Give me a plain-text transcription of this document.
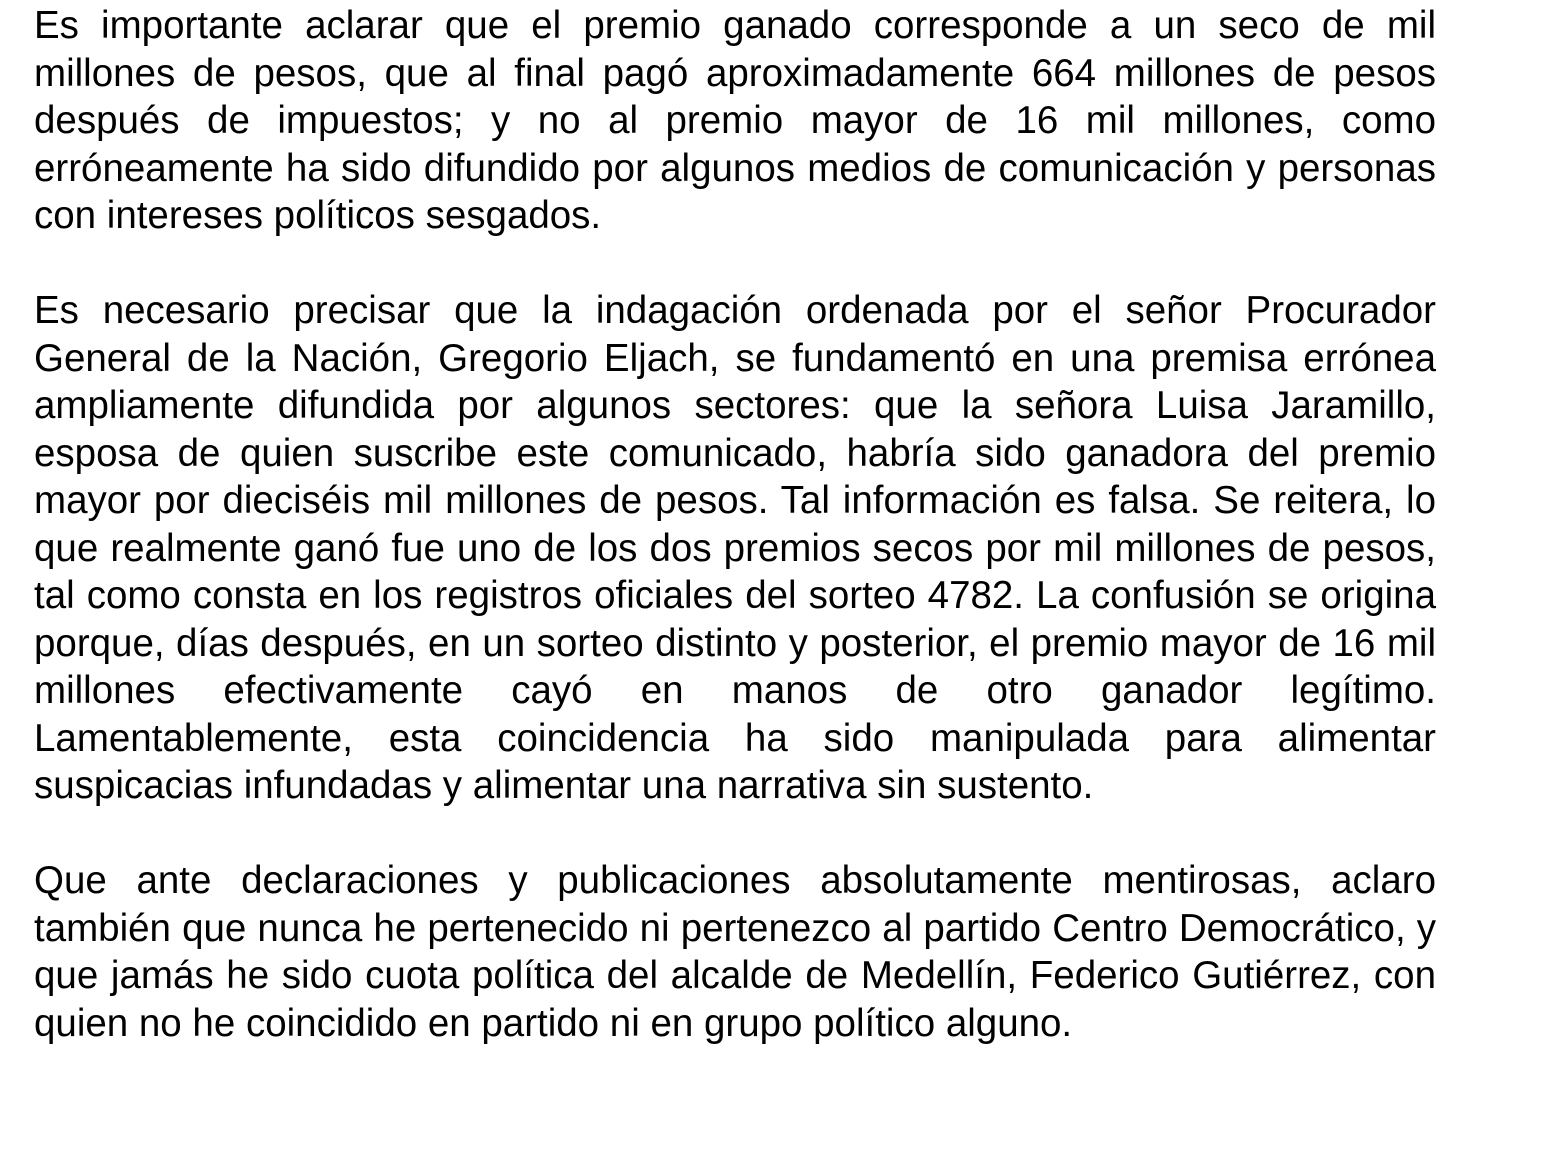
Es importante aclarar que el premio ganado corresponde a un seco de mil millones de pesos, que al final pagó aproximadamente 664 millones de pesos después de impuestos; y no al premio mayor de 16 mil millones, como erróneamente ha sido difundido por algunos medios de comunicación y personas con intereses políticos sesgados.

Es necesario precisar que la indagación ordenada por el señor Procurador General de la Nación, Gregorio Eljach, se fundamentó en una premisa errónea ampliamente difundida por algunos sectores: que la señora Luisa Jaramillo, esposa de quien suscribe este comunicado, habría sido ganadora del premio mayor por dieciséis mil millones de pesos. Tal información es falsa. Se reitera, lo que realmente ganó fue uno de los dos premios secos por mil millones de pesos, tal como consta en los registros oficiales del sorteo 4782. La confusión se origina porque, días después, en un sorteo distinto y posterior, el premio mayor de 16 mil millones efectivamente cayó en manos de otro ganador legítimo. Lamentablemente, esta coincidencia ha sido manipulada para alimentar suspicacias infundadas y alimentar una narrativa sin sustento.

Que ante declaraciones y publicaciones absolutamente mentirosas, aclaro también que nunca he pertenecido ni pertenezco al partido Centro Democrático, y que jamás he sido cuota política del alcalde de Medellín, Federico Gutiérrez, con quien no he coincidido en partido ni en grupo político alguno.
